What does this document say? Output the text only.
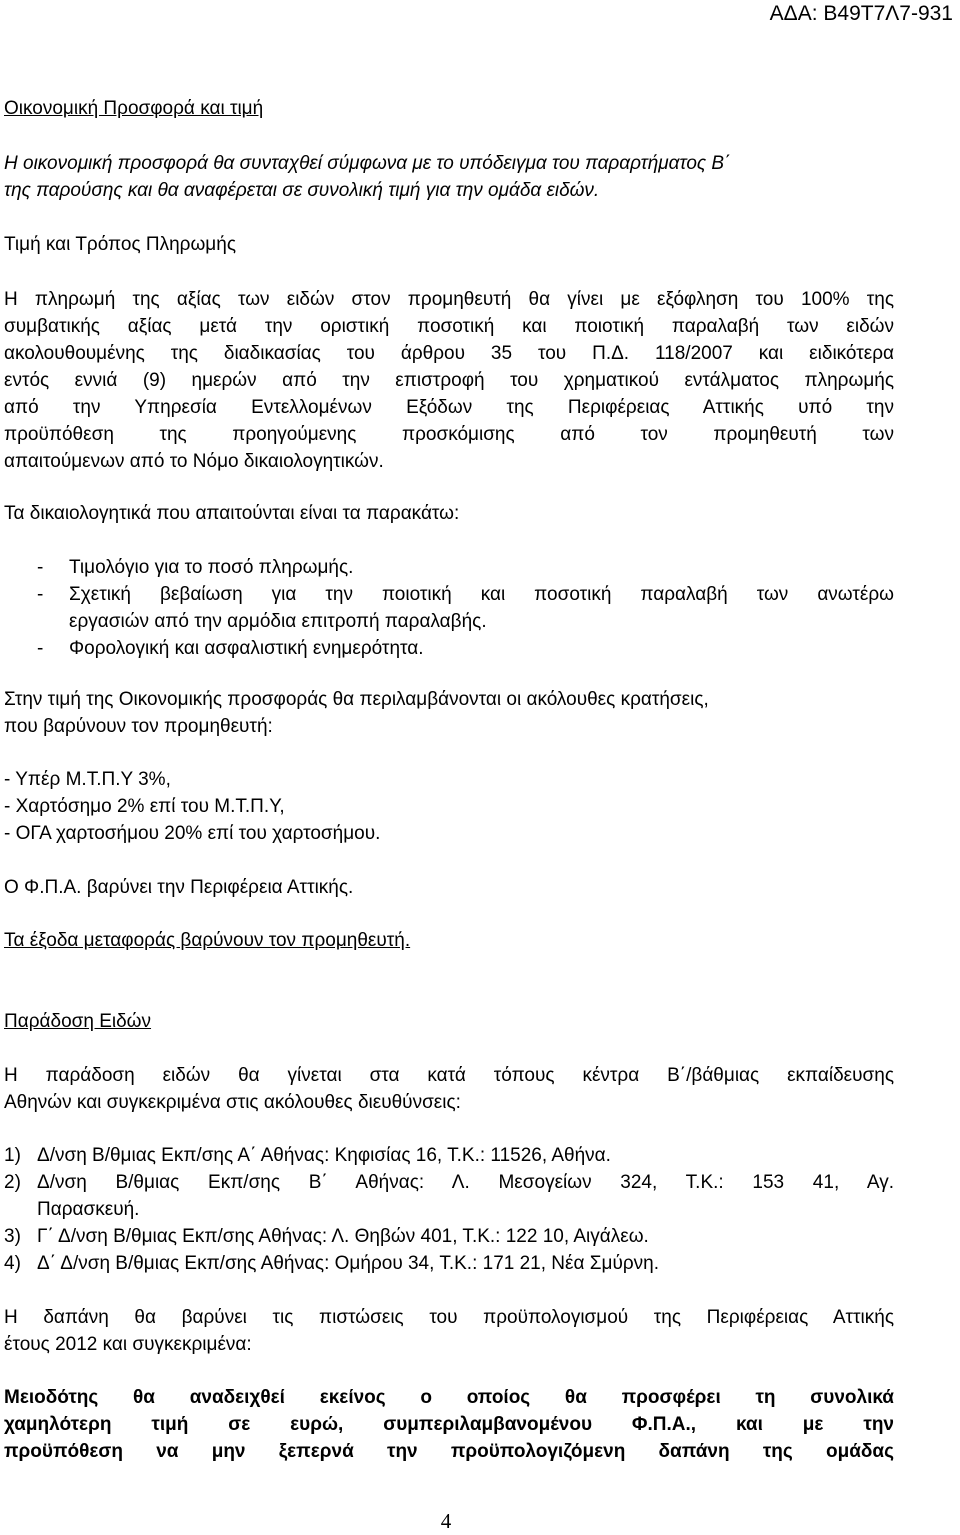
ΑΔΑ: Β49Τ7Λ7-931
Οικονομική Προσφορά και τιμή
Η οικονομική προσφορά θα συνταχθεί σύμφωνα με το υπόδειγμα του παραρτήματος Β΄
της παρούσης και θα αναφέρεται σε συνολική τιμή για την ομάδα ειδών.
Τιμή και Τρόπος Πληρωμής
Η πληρωμή της αξίας των ειδών στον προμηθευτή θα γίνει με εξόφληση του 100% της
συμβατικής αξίας μετά την οριστική ποσοτική και ποιοτική παραλαβή των ειδών
ακολουθουμένης της διαδικασίας του άρθρου 35 του Π.Δ. 118/2007 και ειδικότερα
εντός εννιά (9) ημερών από την επιστροφή του χρηματικού εντάλματος πληρωμής
από την Υπηρεσία Εντελλομένων Εξόδων της Περιφέρειας Αττικής υπό την
προϋπόθεση της προηγούμενης προσκόμισης από τον προμηθευτή των
απαιτούμενων από το Νόμο δικαιολογητικών.
Τα δικαιολογητικά που απαιτούνται είναι τα παρακάτω:
- Τιμολόγιο για το ποσό πληρωμής.
- Σχετική βεβαίωση για την ποιοτική και ποσοτική παραλαβή των ανωτέρω
εργασιών από την αρμόδια επιτροπή παραλαβής.
- Φορολογική και ασφαλιστική ενημερότητα.
Στην τιμή της Οικονομικής προσφοράς θα περιλαμβάνονται οι ακόλουθες κρατήσεις,
που βαρύνουν τον προμηθευτή:
- Υπέρ Μ.Τ.Π.Υ 3%,
- Χαρτόσημο 2% επί του Μ.Τ.Π.Υ,
- ΟΓΑ χαρτοσήμου 20% επί του χαρτοσήμου.
Ο Φ.Π.Α. βαρύνει την Περιφέρεια Αττικής.
Τα έξοδα μεταφοράς βαρύνουν τον προμηθευτή.
Παράδοση Ειδών
Η παράδοση ειδών θα γίνεται στα κατά τόπους κέντρα Β΄/βάθμιας εκπαίδευσης
Αθηνών και συγκεκριμένα στις ακόλουθες διευθύνσεις:
1) Δ/νση Β/θμιας Εκπ/σης Α΄ Αθήνας: Κηφισίας 16, Τ.Κ.: 11526, Αθήνα.
2) Δ/νση Β/θμιας Εκπ/σης Β΄ Αθήνας: Λ. Μεσογείων 324, Τ.Κ.: 153 41, Αγ.
Παρασκευή.
3) Γ΄ Δ/νση Β/θμιας Εκπ/σης Αθήνας: Λ. Θηβών 401, Τ.Κ.: 122 10, Αιγάλεω.
4) Δ΄ Δ/νση Β/θμιας Εκπ/σης Αθήνας: Ομήρου 34, Τ.Κ.: 171 21, Νέα Σμύρνη.
Η δαπάνη θα βαρύνει τις πιστώσεις του προϋπολογισμού της Περιφέρειας Αττικής
έτους 2012 και συγκεκριμένα:
Μειοδότης θα αναδειχθεί εκείνος ο οποίος θα προσφέρει τη συνολικά
χαμηλότερη τιμή σε ευρώ, συμπεριλαμβανομένου Φ.Π.Α., και με την
προϋπόθεση να μην ξεπερνά την προϋπολογιζόμενη δαπάνη της ομάδας
4
